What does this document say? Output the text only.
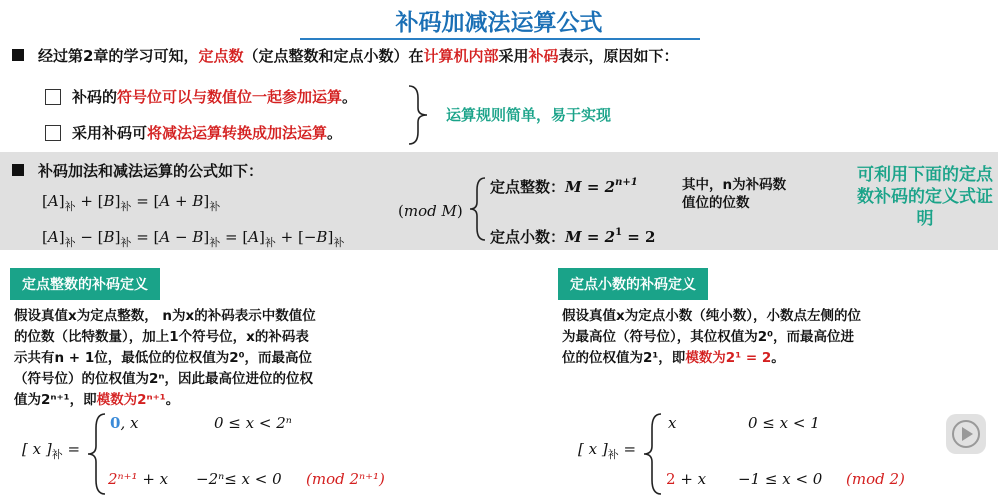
补码加减法运算公式
经过第2章的学习可知，定点数（定点整数和定点小数）在计算机内部采用补码表示，原因如下：
补码的符号位可以与数值位一起参加运算。
采用补码可将减法运算转换成加法运算。
运算规则简单，易于实现
补码加法和减法运算的公式如下：
$[A]_补 + [B]_补 = [A + B]_补$
$[A]_补 - [B]_补 = [A - B]_补 = [A]_补 + [-B]_补$
(mod M)
定点整数：$M = 2^{n+1}$
定点小数：$M = 2^1 = 2$
其中，n为补码数值位的位数
可利用下面的定点数补码的定义式证明
定点整数的补码定义
假设真值x为定点整数， n为x的补码表示中数值位
的位数（比特数量），加上1个符号位，x的补码表
示共有n + 1位，最低位的位权值为2⁰，而最高位
（符号位）的位权值为2ⁿ，因此最高位进位的位权
值为2ⁿ⁺¹，即模数为2ⁿ⁺¹。
[ x ]$_补$ =
0, x	0 ≤ x < 2ⁿ
2ⁿ⁺¹ + x −2ⁿ≤ x < 0 (mod 2ⁿ⁺¹)
定点小数的补码定义
假设真值x为定点小数（纯小数），小数点左侧的位
为最高位（符号位），其位权值为2⁰，而最高位进
位的位权值为2¹，即模数为2¹ = 2。
[ x ]$_补$ =
x	0 ≤ x < 1
2 + x −1 ≤ x < 0 (mod 2)
